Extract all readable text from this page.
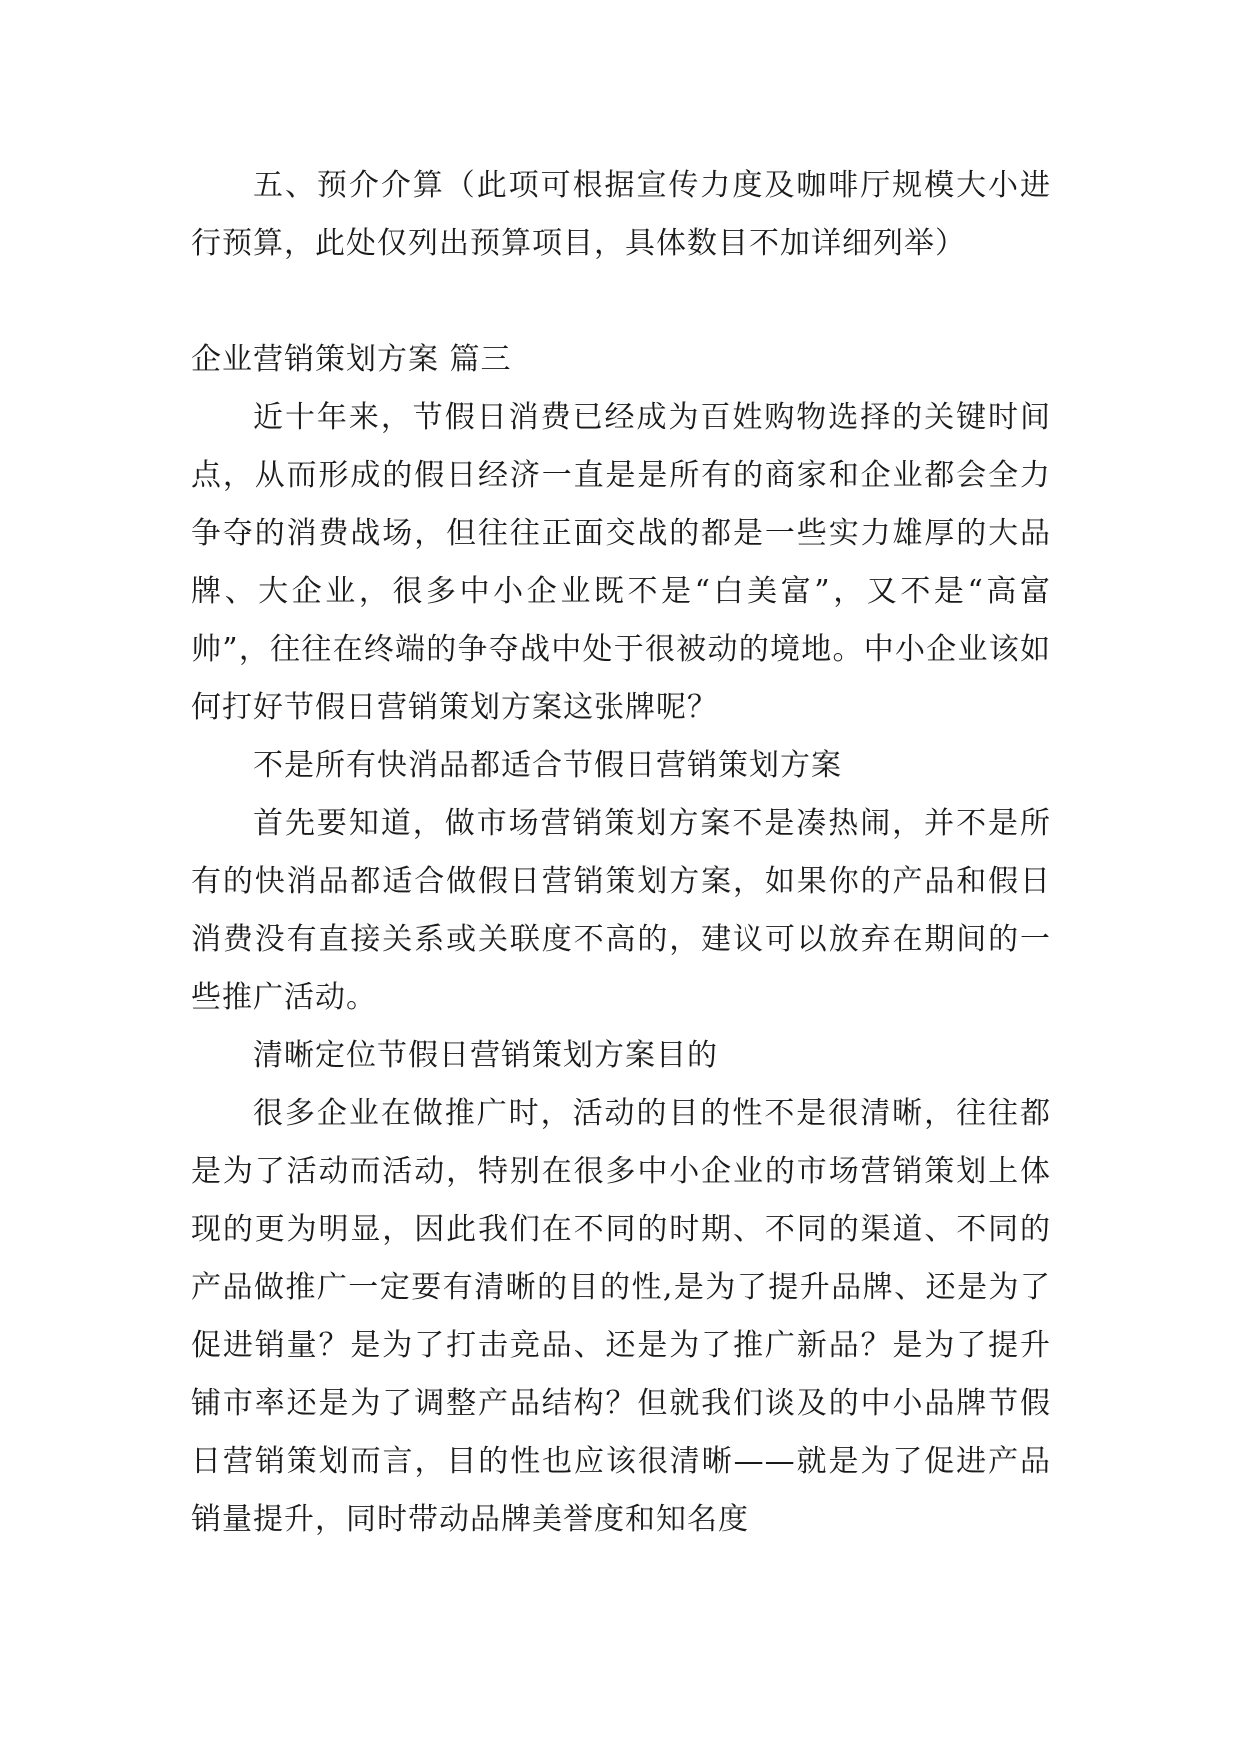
五、预介介算（此项可根据宣传力度及咖啡厅规模大小进行预算，此处仅列出预算项目，具体数目不加详细列举）

企业营销策划方案 篇三

近十年来，节假日消费已经成为百姓购物选择的关键时间点，从而形成的假日经济一直是是所有的商家和企业都会全力争夺的消费战场，但往往正面交战的都是一些实力雄厚的大品牌、大企业，很多中小企业既不是“白美富”，又不是“高富帅”，往往在终端的争夺战中处于很被动的境地。中小企业该如何打好节假日营销策划方案这张牌呢？

不是所有快消品都适合节假日营销策划方案

首先要知道，做市场营销策划方案不是凑热闹，并不是所有的快消品都适合做假日营销策划方案，如果你的产品和假日消费没有直接关系或关联度不高的，建议可以放弃在期间的一些推广活动。

清晰定位节假日营销策划方案目的

很多企业在做推广时，活动的目的性不是很清晰，往往都是为了活动而活动，特别在很多中小企业的市场营销策划上体现的更为明显，因此我们在不同的时期、不同的渠道、不同的产品做推广一定要有清晰的目的性,是为了提升品牌、还是为了促进销量？是为了打击竞品、还是为了推广新品？是为了提升铺市率还是为了调整产品结构？但就我们谈及的中小品牌节假日营销策划而言，目的性也应该很清晰——就是为了促进产品销量提升，同时带动品牌美誉度和知名度
